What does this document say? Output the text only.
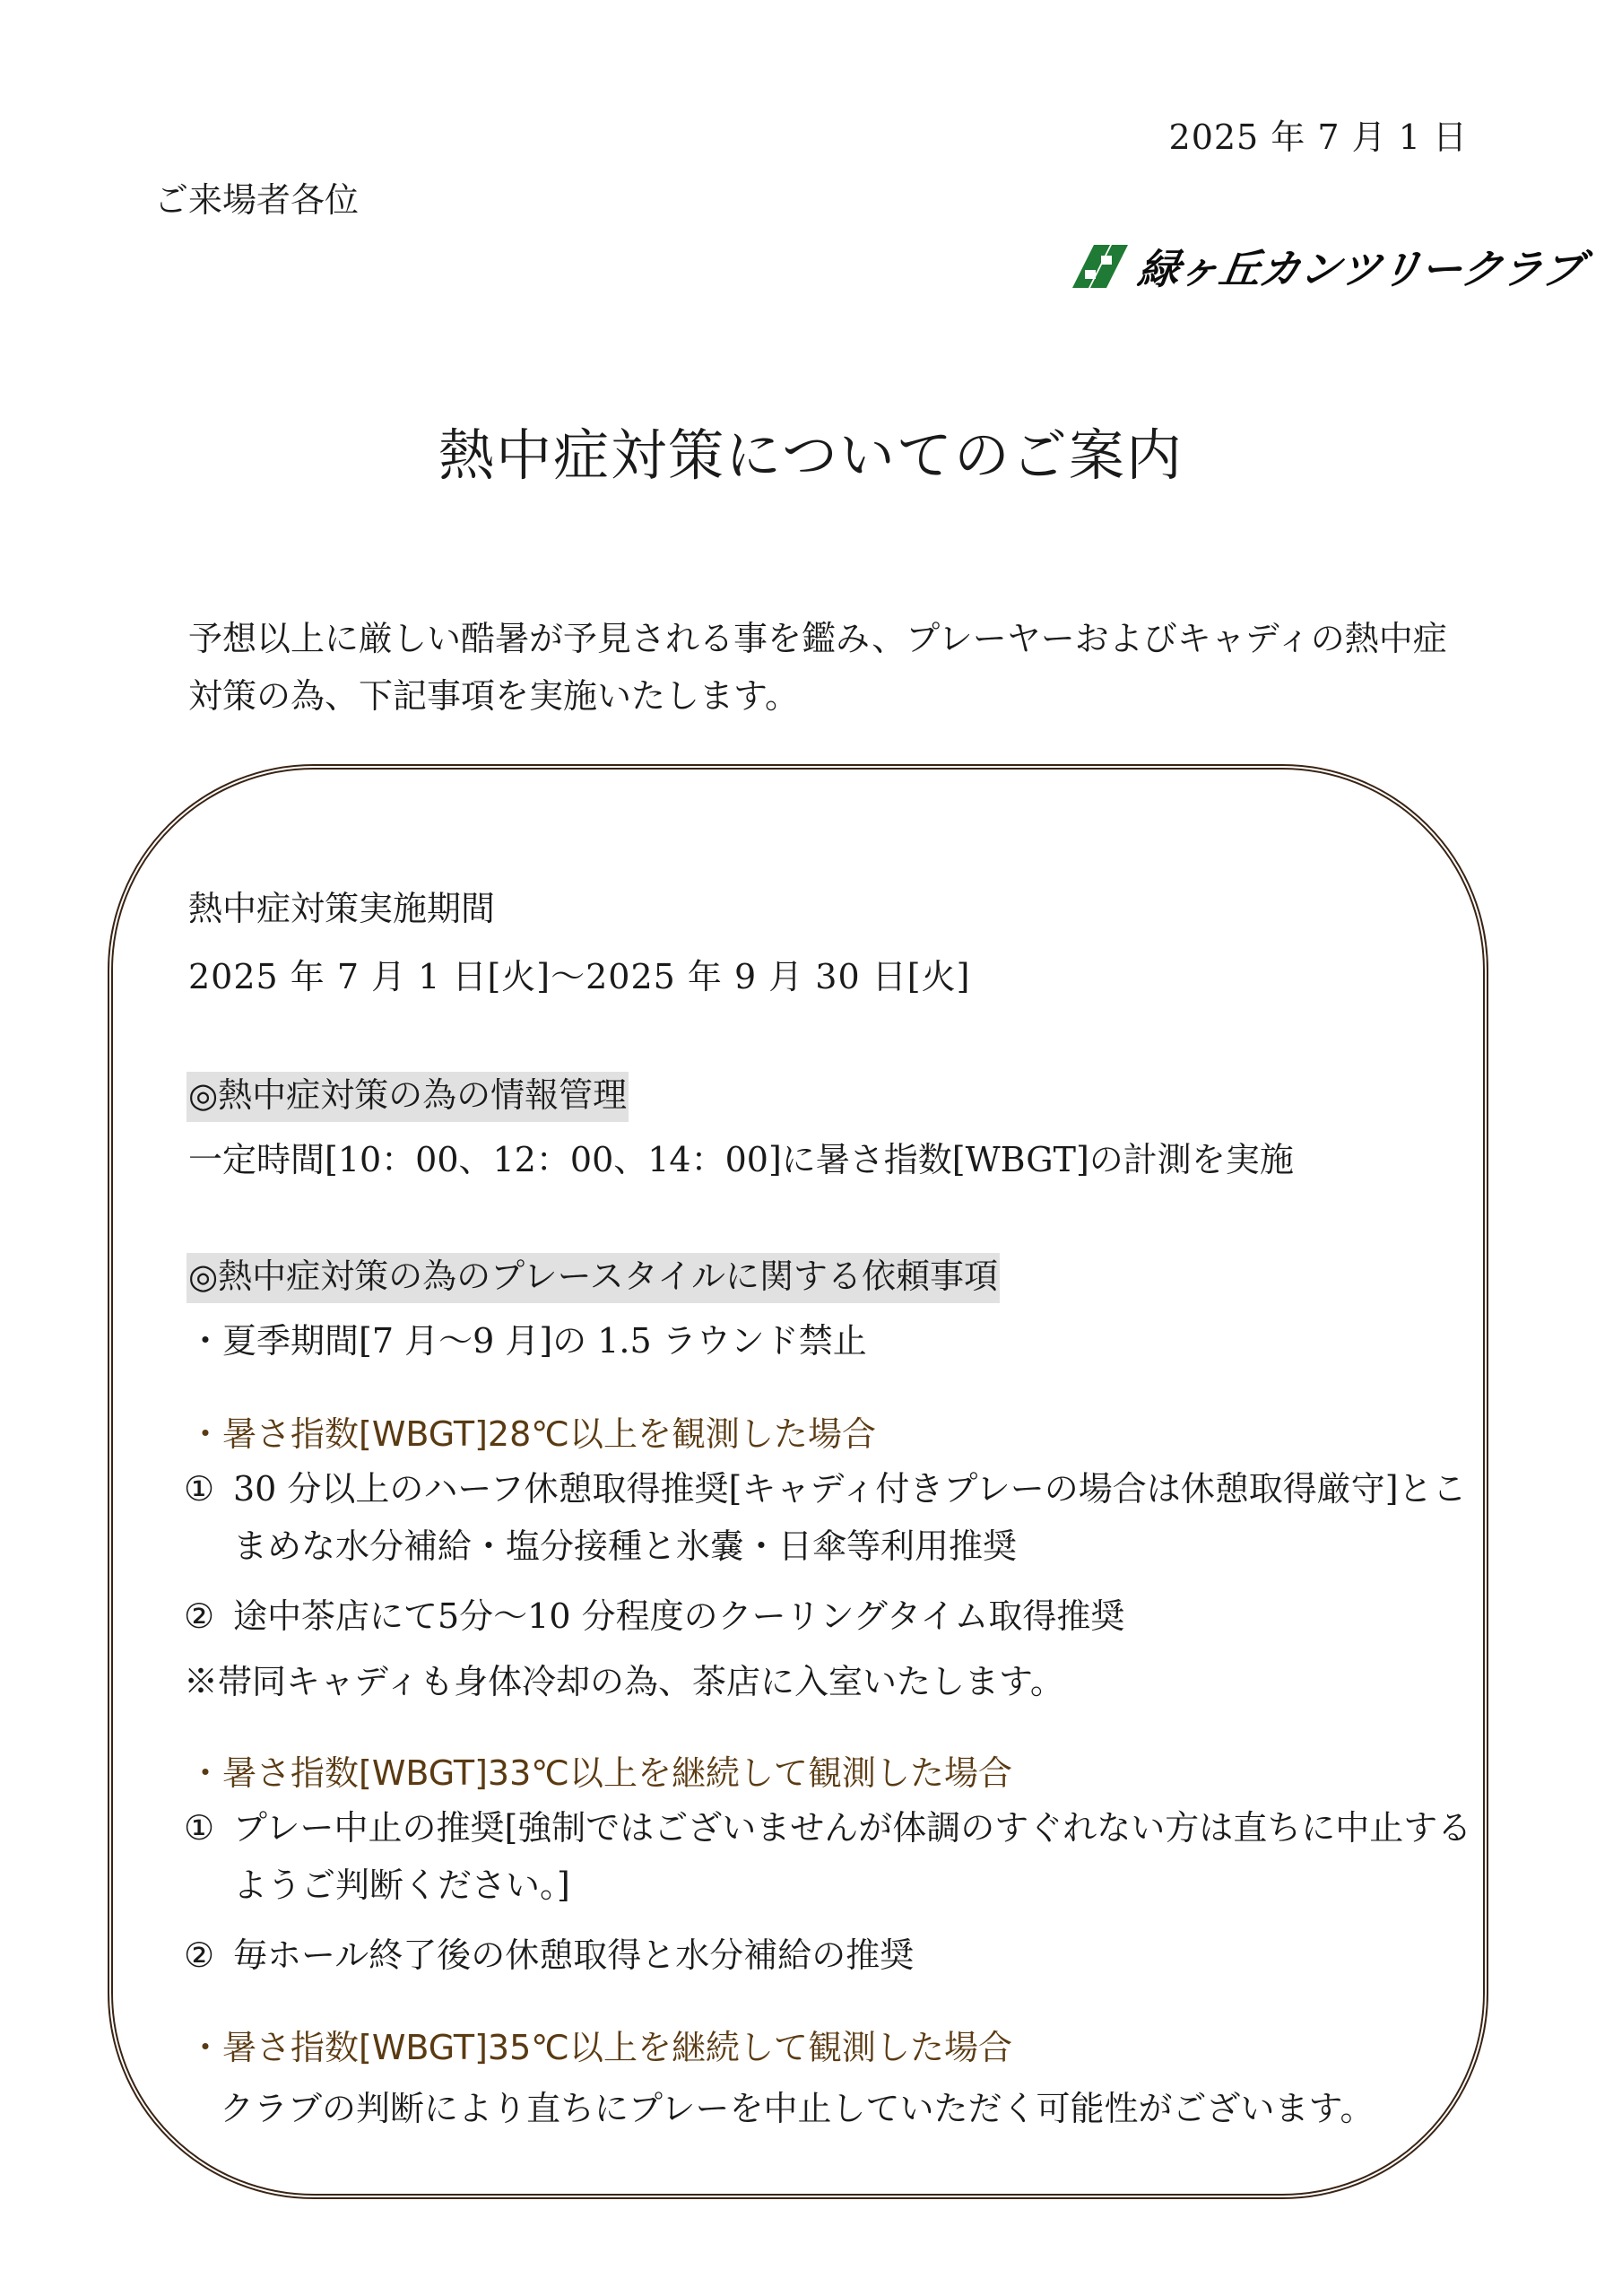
2025 年 7 月 1 日
ご来場者各位
緑ヶ丘カンツリークラブ
熱中症対策についてのご案内
予想以上に厳しい酷暑が予見される事を鑑み、プレーヤーおよびキャディの熱中症対策の為、下記事項を実施いたします。
熱中症対策実施期間
2025 年 7 月 1 日[火]～2025 年 9 月 30 日[火]
◎熱中症対策の為の情報管理
一定時間[10：00、12：00、14：00]に暑さ指数[WBGT]の計測を実施
◎熱中症対策の為のプレースタイルに関する依頼事項
・夏季期間[7 月～9 月]の 1.5 ラウンド禁止
・暑さ指数[WBGT]28℃以上を観測した場合
① 30 分以上のハーフ休憩取得推奨[キャディ付きプレーの場合は休憩取得厳守]とこまめな水分補給・塩分接種と氷嚢・日傘等利用推奨
② 途中茶店にて5分～10 分程度のクーリングタイム取得推奨
※帯同キャディも身体冷却の為、茶店に入室いたします。
・暑さ指数[WBGT]33℃以上を継続して観測した場合
① プレー中止の推奨[強制ではございませんが体調のすぐれない方は直ちに中止するようご判断ください。]
② 毎ホール終了後の休憩取得と水分補給の推奨
・暑さ指数[WBGT]35℃以上を継続して観測した場合
クラブの判断により直ちにプレーを中止していただく可能性がございます。
